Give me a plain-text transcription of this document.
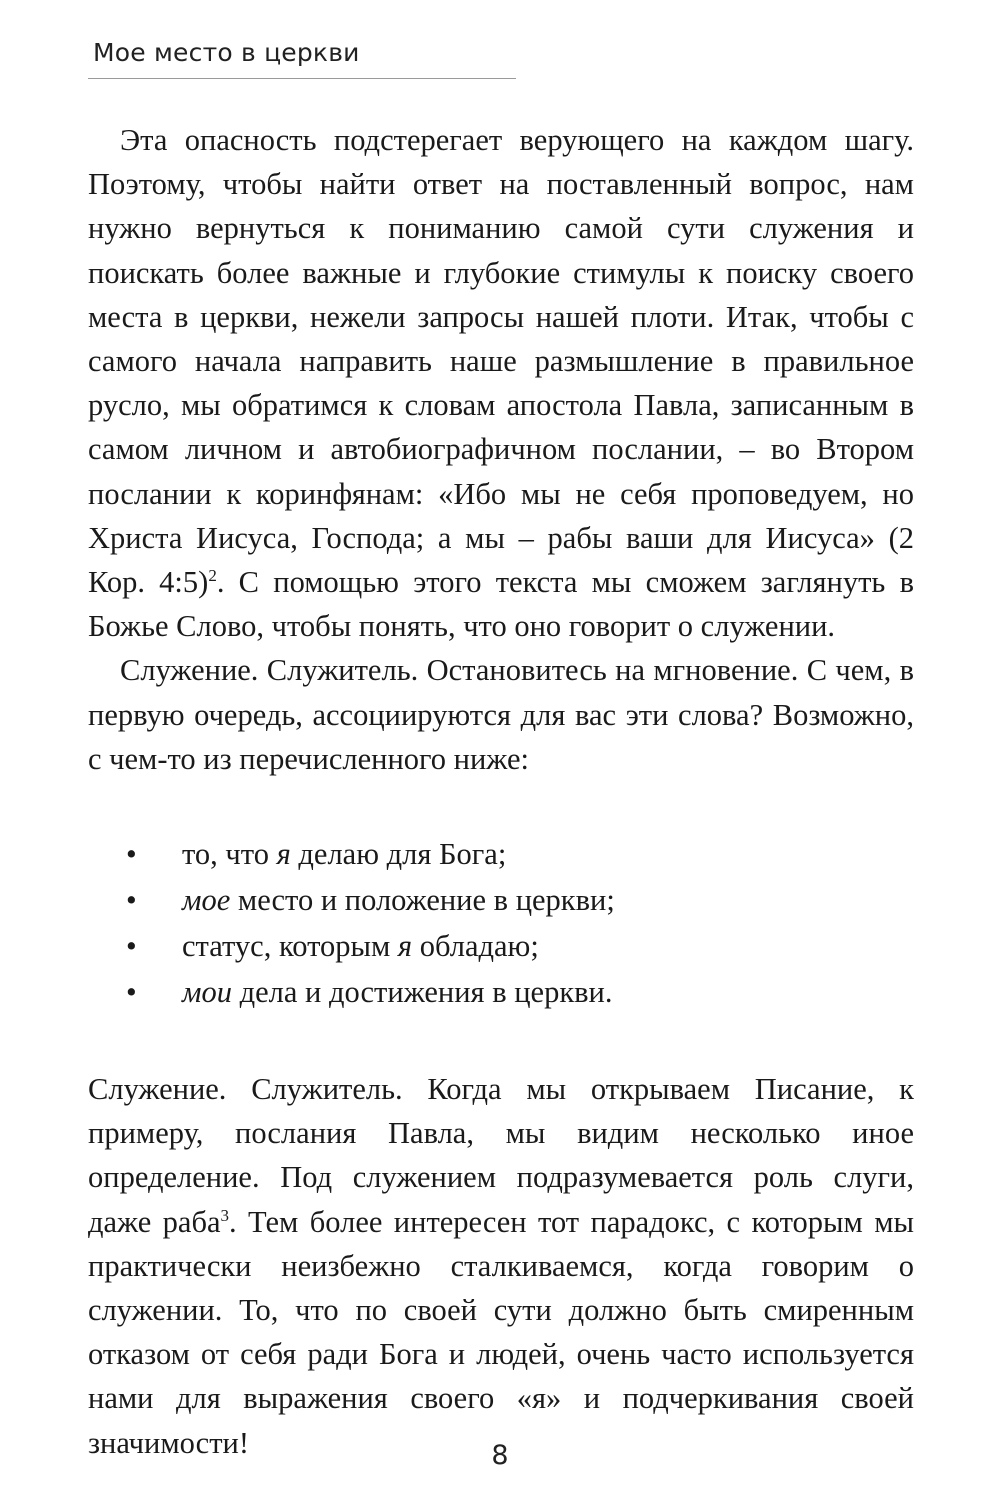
Мое место в церкви

Эта опасность подстерегает верующего на каждом шагу. Поэтому, чтобы найти ответ на поставленный вопрос, нам нужно вернуться к пониманию самой сути служения и поискать более важные и глубокие стимулы к поиску своего места в церкви, нежели запросы нашей плоти. Итак, чтобы с самого начала направить наше размышление в правильное русло, мы обратимся к словам апостола Павла, записанным в самом личном и автобиографичном послании, – во Втором послании к коринфянам: «Ибо мы не себя проповедуем, но Христа Иисуса, Господа; а мы – рабы ваши для Иисуса» (2 Кор. 4:5)$^2$. С помощью этого текста мы сможем заглянуть в Божье Слово, чтобы понять, что оно говорит о служении.

Служение. Служитель. Остановитесь на мгновение. С чем, в первую очередь, ассоциируются для вас эти слова? Возможно, с чем-то из перечисленного ниже:

• то, что я делаю для Бога;
• мое место и положение в церкви;
• статус, которым я обладаю;
• мои дела и достижения в церкви.

Служение. Служитель. Когда мы открываем Писание, к примеру, послания Павла, мы видим несколько иное определение. Под служением подразумевается роль слуги, даже раба$^3$. Тем более интересен тот парадокс, с которым мы практически неизбежно сталкиваемся, когда говорим о служении. То, что по своей сути должно быть смиренным отказом от себя ради Бога и людей, очень часто используется нами для выражения своего «я» и подчеркивания своей значимости!	8
